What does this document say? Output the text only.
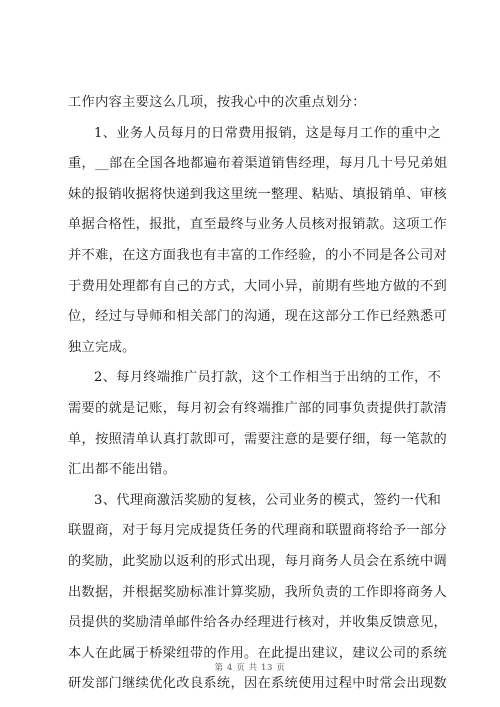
工作内容主要这么几项，按我心中的次重点划分：
1、业务人员每月的日常费用报销，这是每月工作的重中之
重，__部在全国各地都遍布着渠道销售经理，每月几十号兄弟姐
妹的报销收据将快递到我这里统一整理、粘贴、填报销单、审核
单据合格性，报批，直至最终与业务人员核对报销款。这项工作
并不难，在这方面我也有丰富的工作经验，的小不同是各公司对
于费用处理都有自己的方式，大同小异，前期有些地方做的不到
位，经过与导师和相关部门的沟通，现在这部分工作已经熟悉可
独立完成。
2、每月终端推广员打款，这个工作相当于出纳的工作，不
需要的就是记账，每月初会有终端推广部的同事负责提供打款清
单，按照清单认真打款即可，需要注意的是要仔细，每一笔款的
汇出都不能出错。
3、代理商激活奖励的复核，公司业务的模式，签约一代和
联盟商，对于每月完成提货任务的代理商和联盟商将给予一部分
的奖励，此奖励以返利的形式出现，每月商务人员会在系统中调
出数据，并根据奖励标准计算奖励，我所负责的工作即将商务人
员提供的奖励清单邮件给各办经理进行核对，并收集反馈意见，
本人在此属于桥梁纽带的作用。在此提出建议，建议公司的系统
研发部门继续优化改良系统，因在系统使用过程中时常会出现数
第 4 页 共 13 页
